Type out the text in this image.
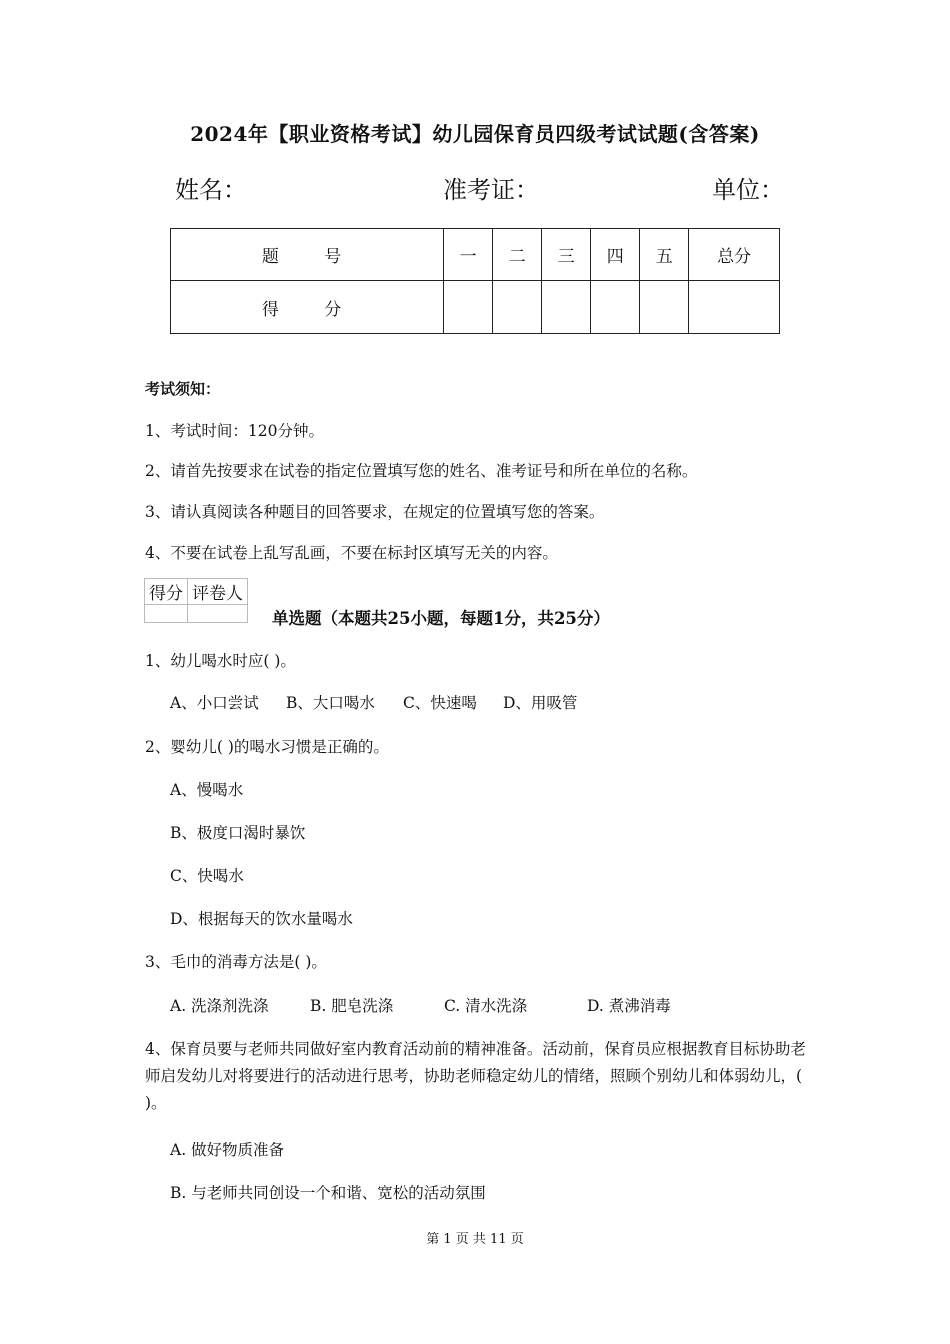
2024年【职业资格考试】幼儿园保育员四级考试试题(含答案)
姓名：	准考证：	单位：
题 号	一	二	三	四	五	总分
得 分						
考试须知：
1、考试时间：120分钟。
2、请首先按要求在试卷的指定位置填写您的姓名、准考证号和所在单位的名称。
3、请认真阅读各种题目的回答要求，在规定的位置填写您的答案。
4、不要在试卷上乱写乱画，不要在标封区填写无关的内容。
得分	评卷人

单选题（本题共25小题，每题1分，共25分）
1、幼儿喝水时应( )。
A、小口尝试 B、大口喝水 C、快速喝 D、用吸管
2、婴幼儿( )的喝水习惯是正确的。
A、慢喝水
B、极度口渴时暴饮
C、快喝水
D、根据每天的饮水量喝水
3、毛巾的消毒方法是( )。
A. 洗涤剂洗涤	B. 肥皂洗涤	C. 清水洗涤	D. 煮沸消毒
4、保育员要与老师共同做好室内教育活动前的精神准备。活动前，保育员应根据教育目标协助老师启发幼儿对将要进行的活动进行思考，协助老师稳定幼儿的情绪，照顾个别幼儿和体弱幼儿，( )。
A. 做好物质准备
B. 与老师共同创设一个和谐、宽松的活动氛围
第 1 页 共 11 页
